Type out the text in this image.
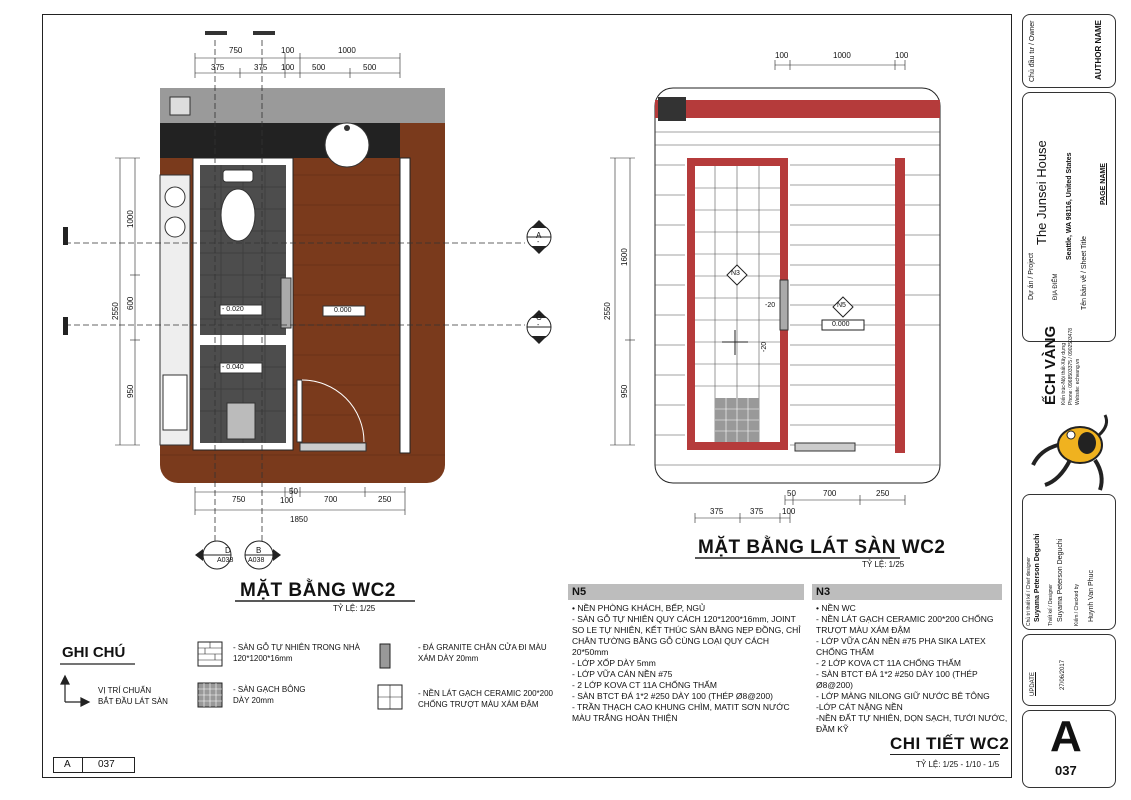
750	100	1000
375	375 100 500	500
2550
1000
600
950
750
50
100	700	250
1850
- 0.020
- 0.040
0.000
A
-
C
-
D
A038
B
A038
MẶT BẰNG WC2
TỶ LỆ: 1/25
100	1000	100
2550
1600
950
50	700	250
375	375 100
N3
N5
0.000
-20
-20
MẶT BẰNG LÁT SÀN WC2
TỶ LỆ: 1/25
GHI CHÚ	- SÀN GỖ TỰ NHIÊN TRONG NHÀ
120*1200*16mm
- ĐÁ GRANITE CHÂN CỬA ĐI MÀU
XÁM DÀY 20mm
- SÀN GẠCH BÔNG
DÀY 20mm
- NỀN LÁT GẠCH CERAMIC 200*200
CHỐNG TRƯỢT MÀU XÁM ĐẬM
VỊ TRÍ CHUẨN
BẮT ĐẦU LÁT SÀN
N5
• NỀN PHÒNG KHÁCH, BẾP, NGỦ
- SÀN GỖ TỰ NHIÊN QUY CÁCH 120*1200*16mm, JOINT
SO LE TỰ NHIÊN, KẾT THÚC SÀN BẰNG NẸP ĐỒNG, CHỈ
CHÂN TƯỜNG BẰNG GỖ CÙNG LOẠI QUY CÁCH
20*50mm
- LỚP XỐP DÀY 5mm
- LỚP VỮA CÁN NỀN #75
- 2 LỚP KOVA CT 11A CHỐNG THẤM
- SÀN BTCT ĐÁ 1*2 #250 DÀY 100 (THÉP Ø8@200)
- TRẦN THẠCH CAO KHUNG CHÌM, MATIT SƠN NƯỚC
MÀU TRẮNG HOÀN THIỆN
N3
• NỀN WC
- NỀN LÁT GẠCH CERAMIC 200*200 CHỐNG
TRƯỢT MÀU XÁM ĐẬM
- LỚP VỮA CÁN NỀN #75 PHA SIKA LATEX
CHỐNG THẤM
- 2 LỚP KOVA CT 11A CHỐNG THẤM
- SÀN BTCT ĐÁ 1*2 #250 DÀY 100 (THÉP
Ø8@200)
- LỚP MÀNG NILONG GIỮ NƯỚC BÊ TÔNG
-LỚP CÁT NẶNG NỀN
-NỀN ĐẤT TỰ NHIÊN, DỌN SẠCH, TƯỚI NƯỚC,
ĐẦM KỸ
CHI TIẾT WC2
TỶ LỆ: 1/25 - 1/10 - 1/5
A	037
Chủ đầu tư / Owner	AUTHOR NAME
Dự án / Project
The Junsei House
ĐỊA ĐIỂM
Seattle, WA 98116, United States
Tên bản vẽ / Sheet Title
PAGE NAME
ẾCH VÀNG Kiến trúc-Nội thất-Xây dựng Phone: 0968503375 / 0902503478 Website: echvang.vn
Chủ trì thiết kế / Chief designer Suyama Peterson Deguchi Thiết kế / Designer Suyama Peterson Deguchi Kiểm / Checked by Huynh Van Phuc
UPDATE	27/06/2017
A
037
